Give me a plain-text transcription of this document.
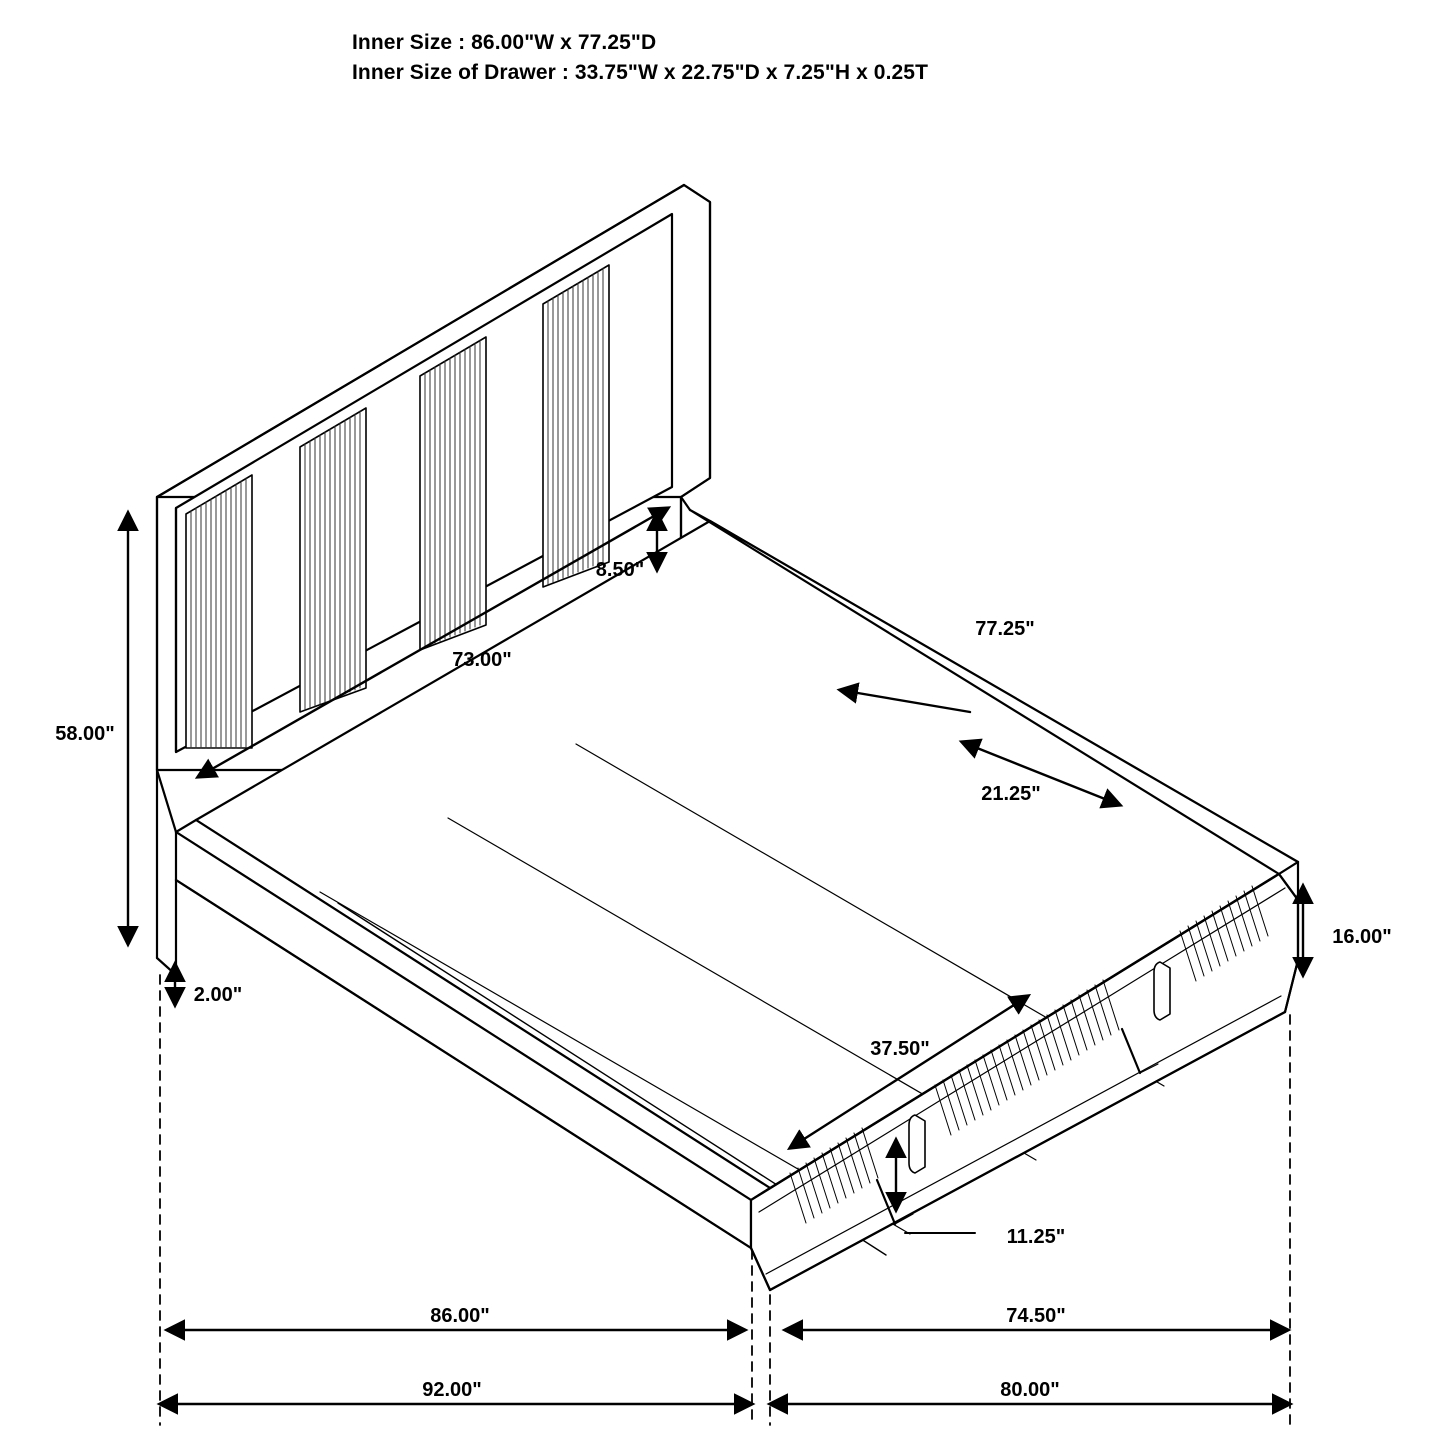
Inner Size : 86.00"W x 77.25"D
Inner Size of Drawer : 33.75"W x 22.75"D x 7.25"H x 0.25T
58.00"
8.50"
73.00"
77.25"
21.25"
16.00"
2.00"
37.50"
11.25"
86.00"	74.50"
92.00"	80.00"
